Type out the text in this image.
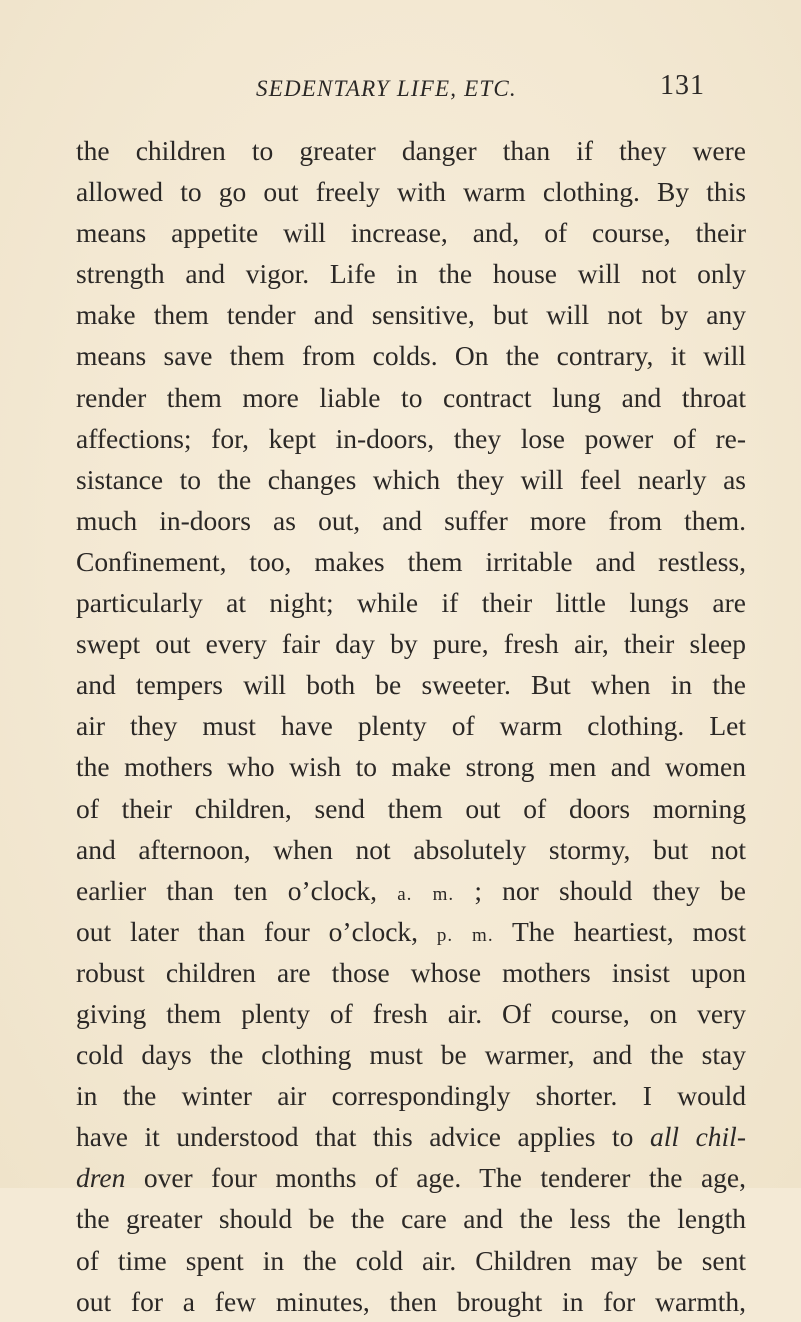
SEDENTARY LIFE, ETC.	131
the children to greater danger than if they were
allowed to go out freely with warm clothing. By this
means appetite will increase, and, of course, their
strength and vigor. Life in the house will not only
make them tender and sensitive, but will not by any
means save them from colds. On the contrary, it will
render them more liable to contract lung and throat
affections; for, kept in-doors, they lose power of re-
sistance to the changes which they will feel nearly as
much in-doors as out, and suffer more from them.
Confinement, too, makes them irritable and restless,
particularly at night; while if their little lungs are
swept out every fair day by pure, fresh air, their sleep
and tempers will both be sweeter. But when in the
air they must have plenty of warm clothing. Let
the mothers who wish to make strong men and women
of their children, send them out of doors morning
and afternoon, when not absolutely stormy, but not
earlier than ten o’clock, a. m. ; nor should they be
out later than four o’clock, p. m. The heartiest, most
robust children are those whose mothers insist upon
giving them plenty of fresh air. Of course, on very
cold days the clothing must be warmer, and the stay
in the winter air correspondingly shorter. I would
have it understood that this advice applies to all chil-
dren over four months of age. The tenderer the age,
the greater should be the care and the less the length
of time spent in the cold air. Children may be sent
out for a few minutes, then brought in for warmth,
